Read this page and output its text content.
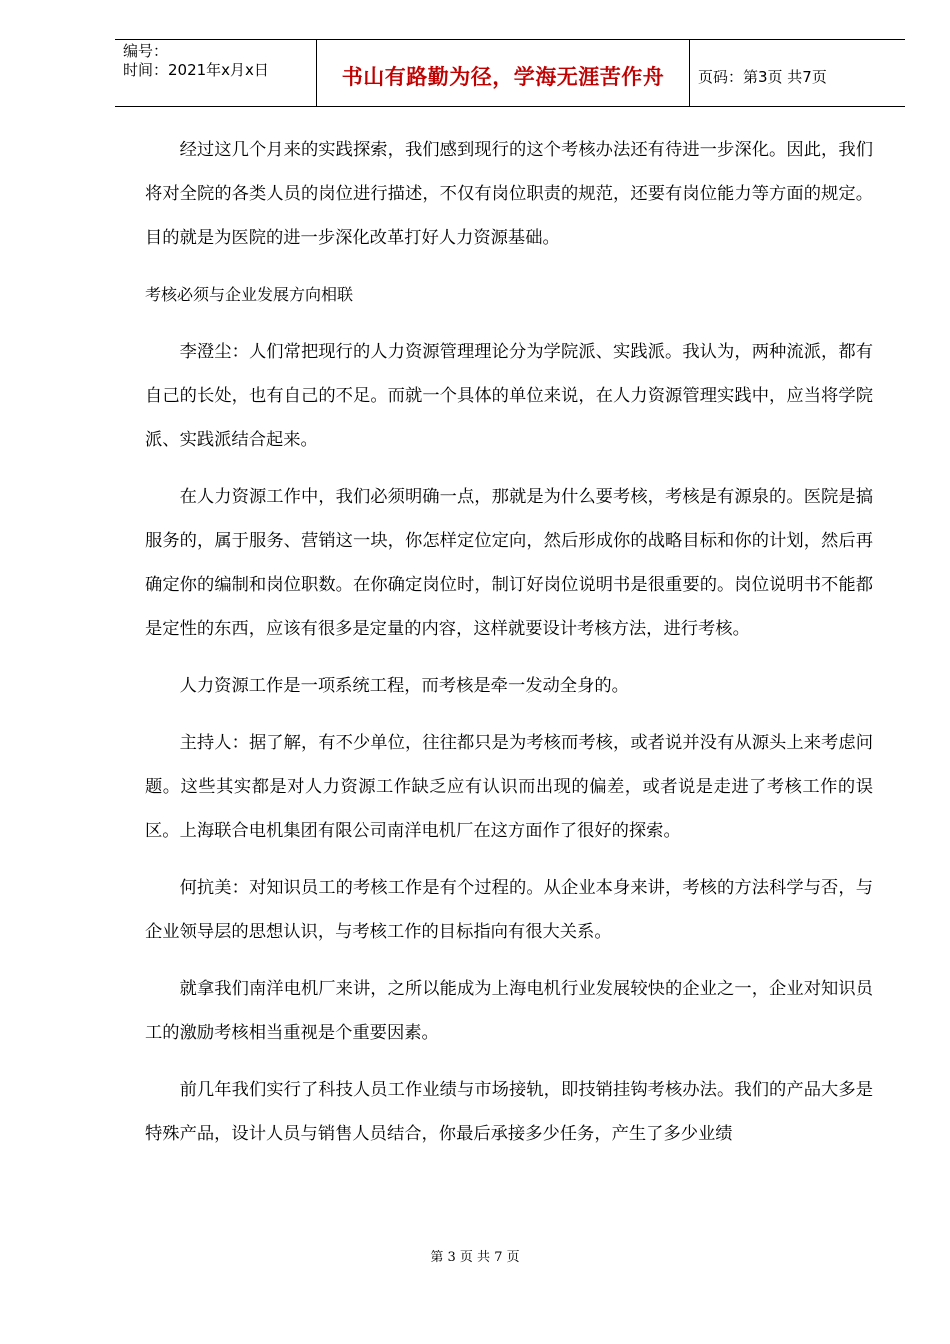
编号：
时间：2021年x月x日	书山有路勤为径，学海无涯苦作舟 页码：第3页 共7页

经过这几个月来的实践探索，我们感到现行的这个考核办法还有待进一步深化。因此，我们将对全院的各类人员的岗位进行描述，不仅有岗位职责的规范，还要有岗位能力等方面的规定。目的就是为医院的进一步深化改革打好人力资源基础。

考核必须与企业发展方向相联

李澄尘：人们常把现行的人力资源管理理论分为学院派、实践派。我认为，两种流派，都有自己的长处，也有自己的不足。而就一个具体的单位来说，在人力资源管理实践中，应当将学院派、实践派结合起来。

在人力资源工作中，我们必须明确一点，那就是为什么要考核，考核是有源泉的。医院是搞服务的，属于服务、营销这一块，你怎样定位定向，然后形成你的战略目标和你的计划，然后再确定你的编制和岗位职数。在你确定岗位时，制订好岗位说明书是很重要的。岗位说明书不能都是定性的东西，应该有很多是定量的内容，这样就要设计考核方法，进行考核。

人力资源工作是一项系统工程，而考核是牵一发动全身的。

主持人：据了解，有不少单位，往往都只是为考核而考核，或者说并没有从源头上来考虑问题。这些其实都是对人力资源工作缺乏应有认识而出现的偏差，或者说是走进了考核工作的误区。上海联合电机集团有限公司南洋电机厂在这方面作了很好的探索。

何抗美：对知识员工的考核工作是有个过程的。从企业本身来讲，考核的方法科学与否，与企业领导层的思想认识，与考核工作的目标指向有很大关系。

就拿我们南洋电机厂来讲，之所以能成为上海电机行业发展较快的企业之一，企业对知识员工的激励考核相当重视是个重要因素。

前几年我们实行了科技人员工作业绩与市场接轨，即技销挂钩考核办法。我们的产品大多是特殊产品，设计人员与销售人员结合，你最后承接多少任务，产生了多少业绩

第 3 页 共 7 页
